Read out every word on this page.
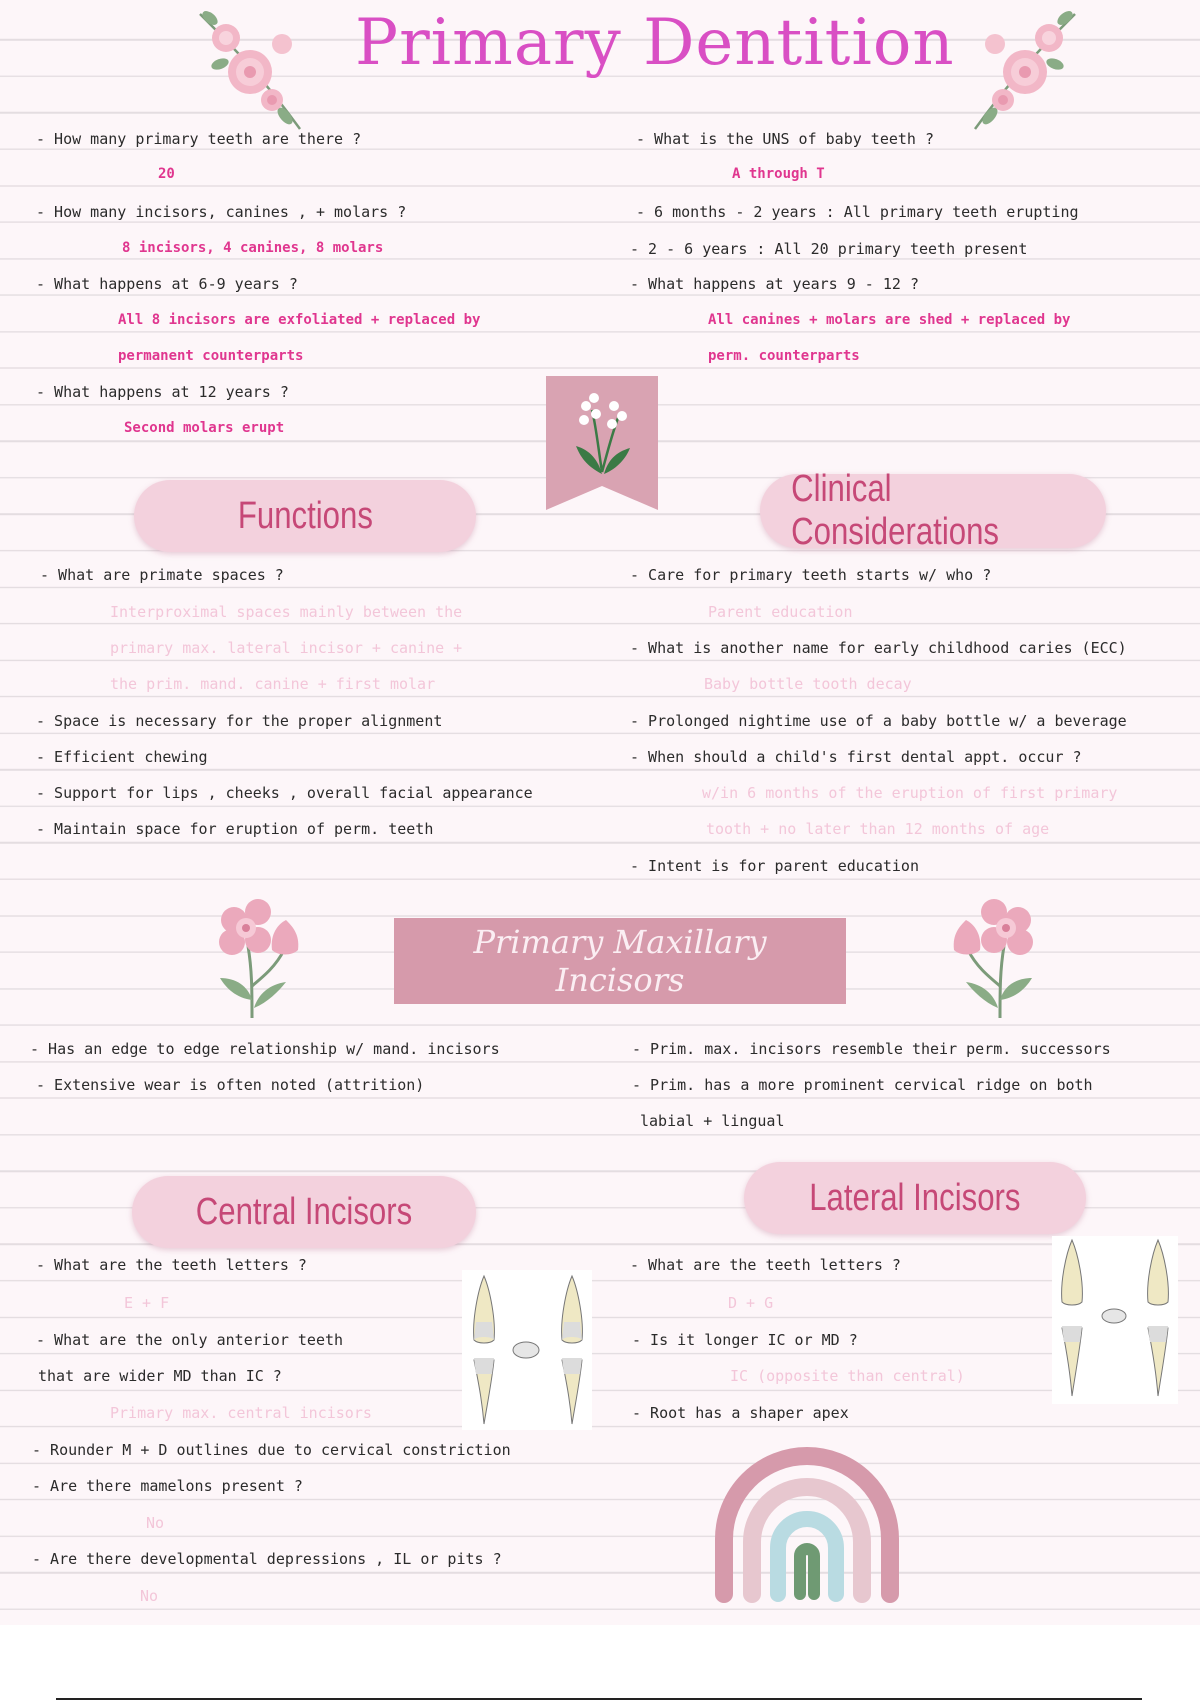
Primary Dentition
- How many primary teeth are there ?
20
- How many incisors, canines , + molars ?
8 incisors, 4 canines, 8 molars
- What happens at 6-9 years ?
All 8 incisors are exfoliated + replaced by
permanent counterparts
- What happens at 12 years ?
Second molars erupt
- What is the UNS of baby teeth ?
A through T
- 6 months - 2 years : All primary teeth erupting
- 2 - 6 years : All 20 primary teeth present
- What happens at years 9 - 12 ?
All canines + molars are shed + replaced by
perm. counterparts
Functions
- What are primate spaces ?
Interproximal spaces mainly between the
primary max. lateral incisor + canine +
the prim. mand. canine + first molar
- Space is necessary for the proper alignment
- Efficient chewing
- Support for lips , cheeks , overall facial appearance
- Maintain space for eruption of perm. teeth
Clinical Considerations
- Care for primary teeth starts w/ who ?
Parent education
- What is another name for early childhood caries (ECC)
Baby bottle tooth decay
- Prolonged nightime use of a baby bottle w/ a beverage
- When should a child's first dental appt. occur ?
w/in 6 months of the eruption of first primary
tooth + no later than 12 months of age
- Intent is for parent education
Primary Maxillary
Incisors
- Has an edge to edge relationship w/ mand. incisors
- Extensive wear is often noted (attrition)
- Prim. max. incisors resemble their perm. successors
- Prim. has a more prominent cervical ridge on both
labial + lingual
Central Incisors
- What are the teeth letters ?
E + F
- What are the only anterior teeth
that are wider MD than IC ?
Primary max. central incisors
- Rounder M + D outlines due to cervical constriction
- Are there mamelons present ?
No
- Are there developmental depressions , IL or pits ?
No
Lateral Incisors
- What are the teeth letters ?
D + G
- Is it longer IC or MD ?
IC (opposite than central)
- Root has a shaper apex
